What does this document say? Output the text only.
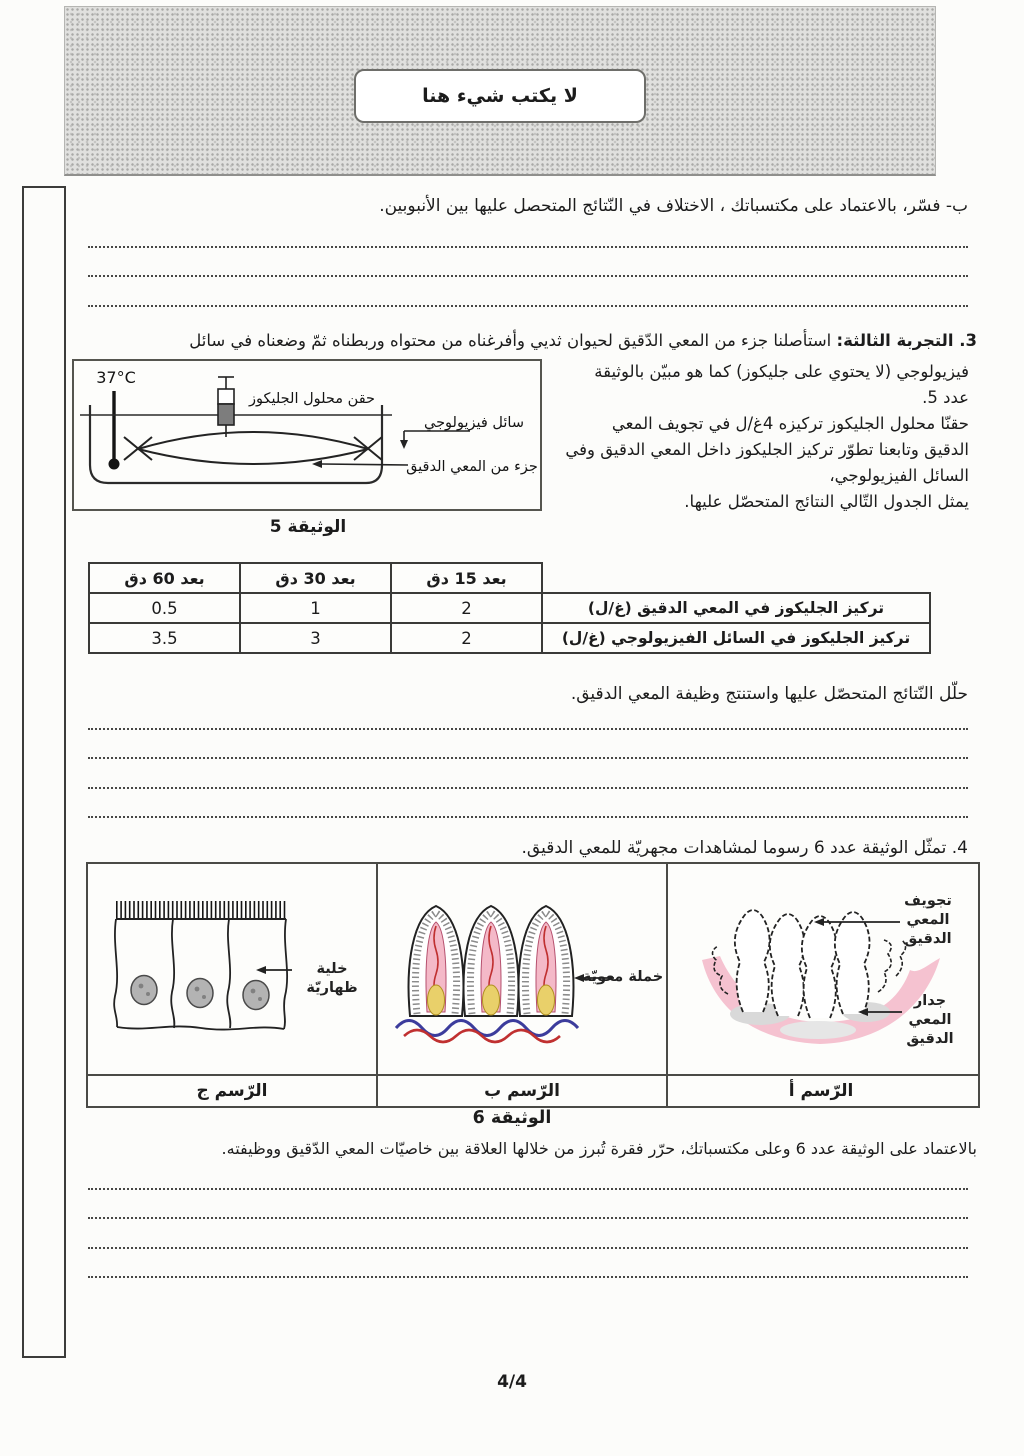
لا يكتب شيء هنا
ب- فسّر، بالاعتماد على مكتسباتك ، الاختلاف في النّتائج المتحصل عليها بين الأنبوبين.
3. التجربة الثالثة: استأصلنا جزء من المعي الدّقيق لحيوان ثديي وأفرغناه من محتواه وربطناه ثمّ وضعناه في سائل
37°C
حقن محلول الجليكوز
سائل فيزيولوجي
جزء من المعي الدقيق
الوثيقة 5
فيزيولوجي (لا يحتوي على جليكوز) كما هو مبيّن بالوثيقة
عدد 5.
حقنّا محلول الجليكوز تركيزه 4غ/ل في تجويف المعي
الدقيق وتابعنا تطوّر تركيز الجليكوز داخل المعي الدقيق وفي
السائل الفيزيولوجي،
يمثل الجدول التّالي النتائج المتحصّل عليها.
	بعد 15 دق	بعد 30 دق	بعد 60 دق
تركيز الجليكوز في المعي الدقيق (غ/ل)	2	1	0.5
تركيز الجليكوز في السائل الفيزيولوجي (غ/ل)	2	3	3.5
حلّل النّتائج المتحصّل عليها واستنتج وظيفة المعي الدقيق.
4. تمثّل الوثيقة عدد 6 رسوما لمشاهدات مجهريّة للمعي الدقيق.
خلية ظهاريّة
خملة معويّة
تجويف المعي الدقيق
جدار المعي الدقيق
الرّسم ج	الرّسم ب	الرّسم أ
الوثيقة 6
بالاعتماد على الوثيقة عدد 6 وعلى مكتسباتك، حرّر فقرة تُبرز من خلالها العلاقة بين خاصيّات المعي الدّقيق ووظيفته.
4/4
